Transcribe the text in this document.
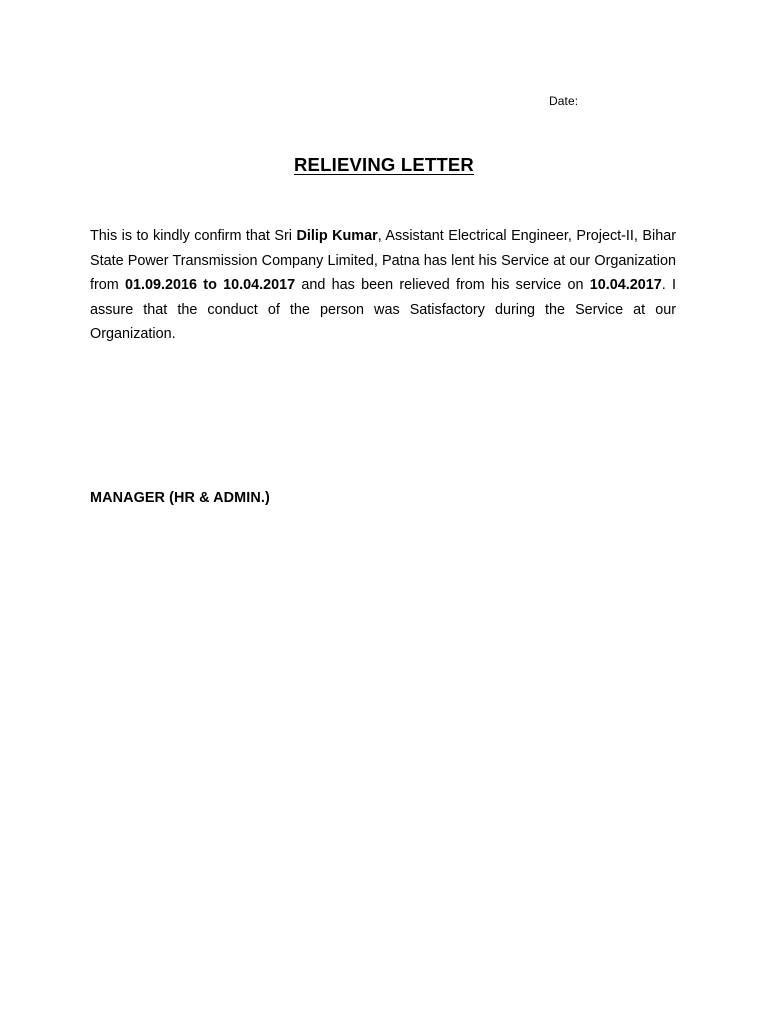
Date:
RELIEVING LETTER

This is to kindly confirm that Sri Dilip Kumar, Assistant Electrical Engineer, Project-II, Bihar State Power Transmission Company Limited, Patna has lent his Service at our Organization from 01.09.2016 to 10.04.2017 and has been relieved from his service on 10.04.2017. I assure that the conduct of the person was Satisfactory during the Service at our Organization.

MANAGER (HR & ADMIN.)
